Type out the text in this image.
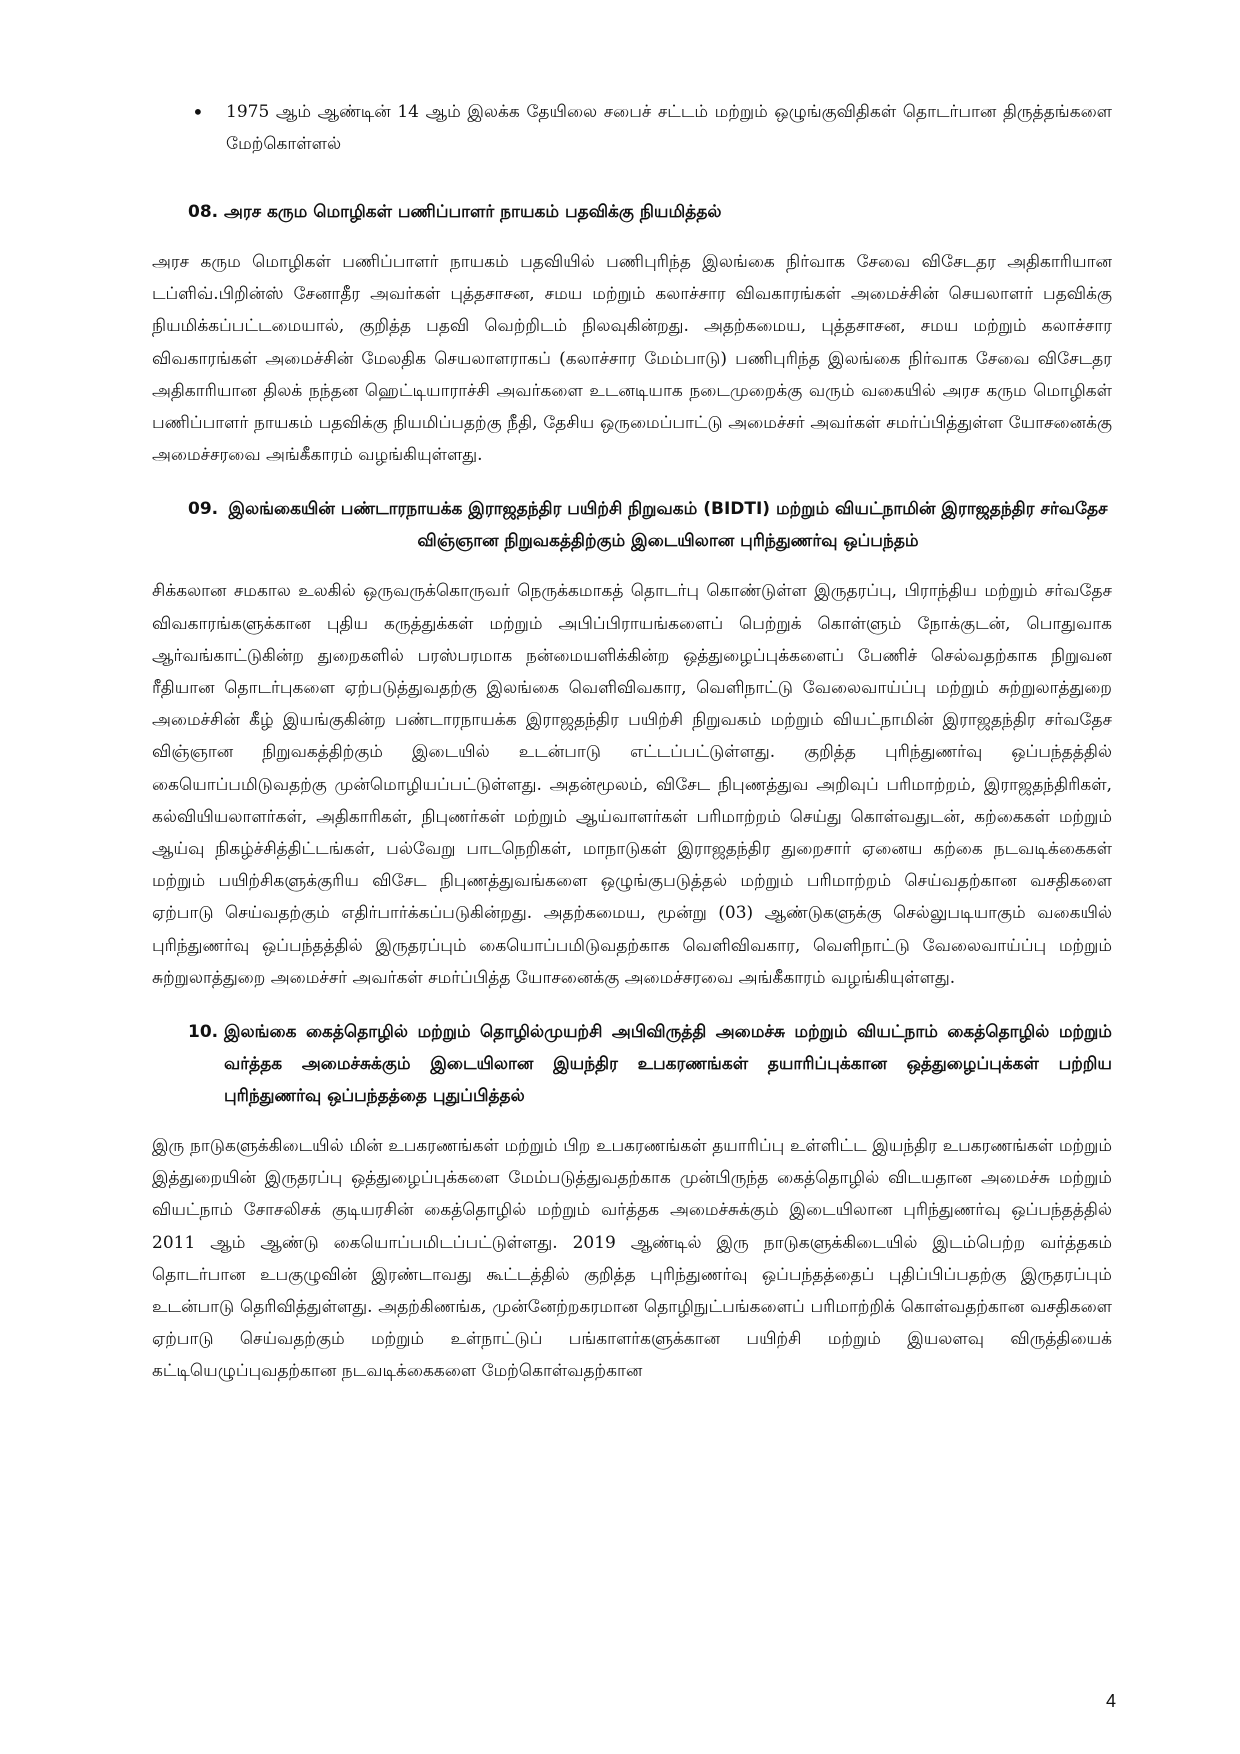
•	1975 ஆம் ஆண்டின் 14 ஆம் இலக்க தேயிலை சபைச் சட்டம் மற்றும் ஒழுங்குவிதிகள் தொடர்பான திருத்தங்களை மேற்கொள்ளல்
08. அரச கரும மொழிகள் பணிப்பாளர் நாயகம் பதவிக்கு நியமித்தல்

அரச கரும மொழிகள் பணிப்பாளர் நாயகம் பதவியில் பணிபுரிந்த இலங்கை நிர்வாக சேவை விசேடதர அதிகாரியான டப்ளிவ்.பிறின்ஸ் சேனாதீர அவர்கள் புத்தசாசன, சமய மற்றும் கலாச்சார விவகாரங்கள் அமைச்சின் செயலாளர் பதவிக்கு நியமிக்கப்பட்டமையால், குறித்த பதவி வெற்றிடம் நிலவுகின்றது. அதற்கமைய, புத்தசாசன, சமய மற்றும் கலாச்சார விவகாரங்கள் அமைச்சின் மேலதிக செயலாளராகப் (கலாச்சார மேம்பாடு) பணிபுரிந்த இலங்கை நிர்வாக சேவை விசேடதர அதிகாரியான திலக் நந்தன ஹெட்டியாராச்சி அவர்களை உடனடியாக நடைமுறைக்கு வரும் வகையில் அரச கரும மொழிகள் பணிப்பாளர் நாயகம் பதவிக்கு நியமிப்பதற்கு நீதி, தேசிய ஒருமைப்பாட்டு அமைச்சர் அவர்கள் சமர்ப்பித்துள்ள யோசனைக்கு அமைச்சரவை அங்கீகாரம் வழங்கியுள்ளது.

09. இலங்கையின் பண்டாரநாயக்க இராஜதந்திர பயிற்சி நிறுவகம் (BIDTI) மற்றும் வியட்நாமின் இராஜதந்திர சர்வதேச விஞ்ஞான நிறுவகத்திற்கும் இடையிலான புரிந்துணர்வு ஒப்பந்தம்

சிக்கலான சமகால உலகில் ஒருவருக்கொருவர் நெருக்கமாகத் தொடர்பு கொண்டுள்ள இருதரப்பு, பிராந்திய மற்றும் சர்வதேச விவகாரங்களுக்கான புதிய கருத்துக்கள் மற்றும் அபிப்பிராயங்களைப் பெற்றுக் கொள்ளும் நோக்குடன், பொதுவாக ஆர்வங்காட்டுகின்ற துறைகளில் பரஸ்பரமாக நன்மையளிக்கின்ற ஒத்துழைப்புக்களைப் பேணிச் செல்வதற்காக நிறுவன ரீதியான தொடர்புகளை ஏற்படுத்துவதற்கு இலங்கை வெளிவிவகார, வெளிநாட்டு வேலைவாய்ப்பு மற்றும் சுற்றுலாத்துறை அமைச்சின் கீழ் இயங்குகின்ற பண்டாரநாயக்க இராஜதந்திர பயிற்சி நிறுவகம் மற்றும் வியட்நாமின் இராஜதந்திர சர்வதேச விஞ்ஞான நிறுவகத்திற்கும் இடையில் உடன்பாடு எட்டப்பட்டுள்ளது. குறித்த புரிந்துணர்வு ஒப்பந்தத்தில் கையொப்பமிடுவதற்கு முன்மொழியப்பட்டுள்ளது. அதன்மூலம், விசேட நிபுணத்துவ அறிவுப் பரிமாற்றம், இராஜதந்திரிகள், கல்வியியலாளர்கள், அதிகாரிகள், நிபுணர்கள் மற்றும் ஆய்வாளர்கள் பரிமாற்றம் செய்து கொள்வதுடன், கற்கைகள் மற்றும் ஆய்வு நிகழ்ச்சித்திட்டங்கள், பல்வேறு பாடநெறிகள், மாநாடுகள் இராஜதந்திர துறைசார் ஏனைய கற்கை நடவடிக்கைகள் மற்றும் பயிற்சிகளுக்குரிய விசேட நிபுணத்துவங்களை ஒழுங்குபடுத்தல் மற்றும் பரிமாற்றம் செய்வதற்கான வசதிகளை ஏற்பாடு செய்வதற்கும் எதிர்பார்க்கப்படுகின்றது. அதற்கமைய, மூன்று (03) ஆண்டுகளுக்கு செல்லுபடியாகும் வகையில் புரிந்துணர்வு ஒப்பந்தத்தில் இருதரப்பும் கையொப்பமிடுவதற்காக வெளிவிவகார, வெளிநாட்டு வேலைவாய்ப்பு மற்றும் சுற்றுலாத்துறை அமைச்சர் அவர்கள் சமர்ப்பித்த யோசனைக்கு அமைச்சரவை அங்கீகாரம் வழங்கியுள்ளது.

10. இலங்கை கைத்தொழில் மற்றும் தொழில்முயற்சி அபிவிருத்தி அமைச்சு மற்றும் வியட்நாம் கைத்தொழில் மற்றும் வர்த்தக அமைச்சுக்கும் இடையிலான இயந்திர உபகரணங்கள் தயாரிப்புக்கான ஒத்துழைப்புக்கள் பற்றிய புரிந்துணர்வு ஒப்பந்தத்தை புதுப்பித்தல்

இரு நாடுகளுக்கிடையில் மின் உபகரணங்கள் மற்றும் பிற உபகரணங்கள் தயாரிப்பு உள்ளிட்ட இயந்திர உபகரணங்கள் மற்றும் இத்துறையின் இருதரப்பு ஒத்துழைப்புக்களை மேம்படுத்துவதற்காக முன்பிருந்த கைத்தொழில் விடயதான அமைச்சு மற்றும் வியட்நாம் சோசலிசக் குடியரசின் கைத்தொழில் மற்றும் வர்த்தக அமைச்சுக்கும் இடையிலான புரிந்துணர்வு ஒப்பந்தத்தில் 2011 ஆம் ஆண்டு கையொப்பமிடப்பட்டுள்ளது. 2019 ஆண்டில் இரு நாடுகளுக்கிடையில் இடம்பெற்ற வர்த்தகம் தொடர்பான உபகுழுவின் இரண்டாவது கூட்டத்தில் குறித்த புரிந்துணர்வு ஒப்பந்தத்தைப் புதிப்பிப்பதற்கு இருதரப்பும் உடன்பாடு தெரிவித்துள்ளது. அதற்கிணங்க, முன்னேற்றகரமான தொழிநுட்பங்களைப் பரிமாற்றிக் கொள்வதற்கான வசதிகளை ஏற்பாடு செய்வதற்கும் மற்றும் உள்நாட்டுப் பங்காளர்களுக்கான பயிற்சி மற்றும் இயலளவு விருத்தியைக் கட்டியெழுப்புவதற்கான நடவடிக்கைகளை மேற்கொள்வதற்கான

4
